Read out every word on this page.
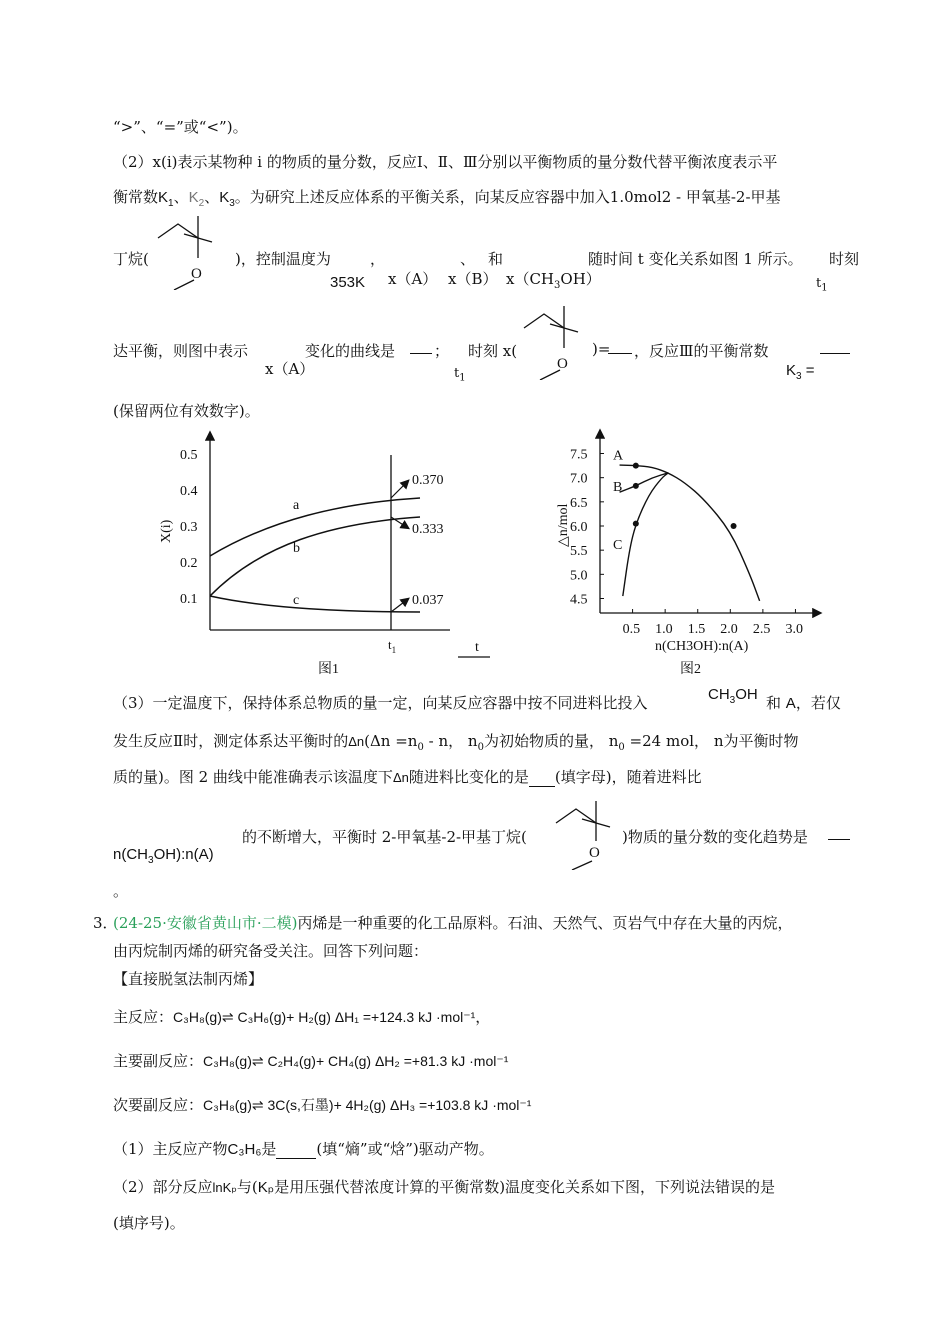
“>”、“=”或“<”)。
（2）x(i)表示某物种 i 的物质的量分数，反应Ⅰ、Ⅱ、Ⅲ分别以平衡物质的量分数代替平衡浓度表示平
衡常数$K_1$、$K_2$、$K_3$。为研究上述反应体系的平衡关系，向某反应容器中加入1.0mol2 - 甲氧基-2-甲基
丁烷(
O
)，控制温度为	，	、 和	随时间 t 变化关系如图 1 所示。 时刻
353K x（A） x（B） $x(CH_3OH)$	$t_1$
达平衡，则图中表示
x（A）
变化的曲线是	； 时刻 x(
O
)= ，反应Ⅲ的平衡常数
$t_1$	$K_3$ =
(保留两位有效数字)。
0.5
0.4
0.3
0.2
0.1
X(i)
a
b
c
0.370
0.333
0.037
$t_1$	t
图1
7.5
7.0
6.5
6.0
5.5
5.0
4.5
0.5 1.0 1.5 2.0 2.5 3.0
A
B
C
△n/mol
n(CH3OH):n(A)
图2
（3）一定温度下，保持体系总物质的量一定，向某反应容器中按不同进料比投入	$CH_3OH$ 和 A，若仅
发生反应Ⅱ时，测定体系达平衡时的$\Delta n(\Delta n =n_0 - n$， $n_0$为初始物质的量， $n_0 =24$ mol， n为平衡时物
质的量)。图 2 曲线中能准确表示该温度下Δn随进料比变化的是 (填字母)，随着进料比
的不断增大，平衡时 2-甲氧基-2-甲基丁烷(
O
)物质的量分数的变化趋势是
$n(CH_3OH):n(A)$
。
3．
(24-25·安徽省黄山市·二模)丙烯是一种重要的化工品原料。石油、天然气、页岩气中存在大量的丙烷，
由丙烷制丙烯的研究备受关注。回答下列问题：
【直接脱氢法制丙烯】
主反应：C₃H₈(g)⇌ C₃H₆(g)+ H₂(g) ΔH₁ =+124.3 kJ ·mol⁻¹，
主要副反应：C₃H₈(g)⇌ C₂H₄(g)+ CH₄(g) ΔH₂ =+81.3 kJ ·mol⁻¹
次要副反应：C₃H₈(g)⇌ 3C(s,石墨)+ 4H₂(g) ΔH₃ =+103.8 kJ ·mol⁻¹
（1）主反应产物C₃H₆是	(填“熵”或“焓”)驱动产物。
（2）部分反应lnKₚ与(Kₚ是用压强代替浓度计算的平衡常数)温度变化关系如下图，下列说法错误的是
(填序号)。
